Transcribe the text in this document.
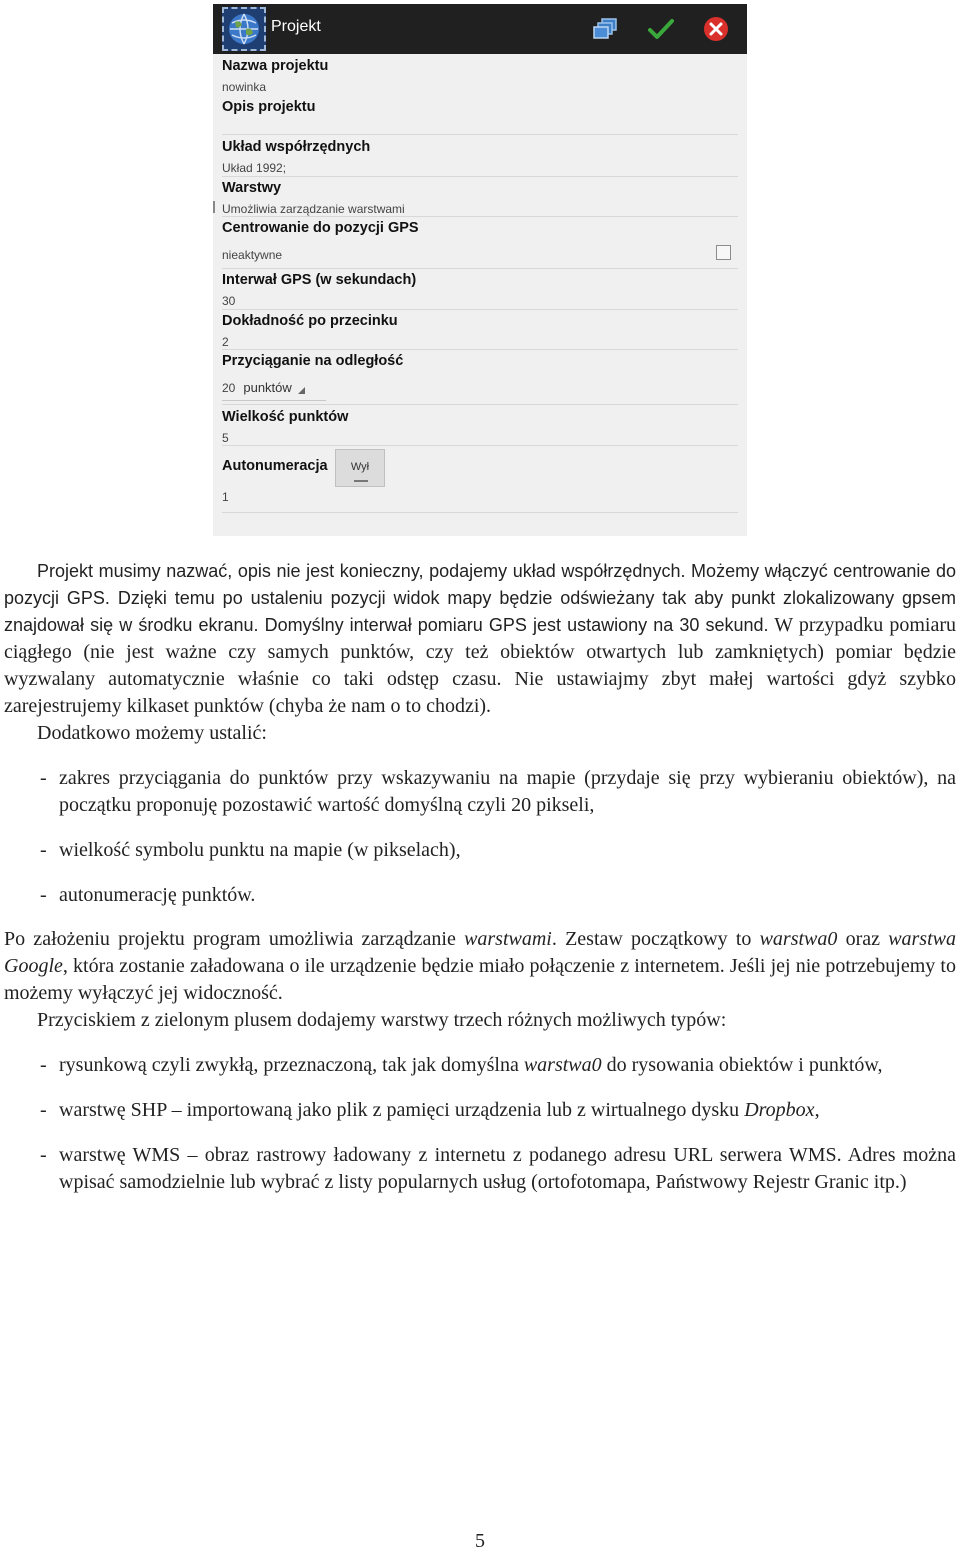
Projekt
Nazwa projektu
nowinka
Opis projektu
Układ współrzędnych
Układ 1992;
Warstwy
Umożliwia zarządzanie warstwami
Centrowanie do pozycji GPS
nieaktywne
Interwał GPS (w sekundach)
30
Dokładność po przecinku
2
Przyciąganie na odległość
20 punktów
Wielkość punktów
5
Autonumeracja
1
Wył

Projekt musimy nazwać, opis nie jest konieczny, podajemy układ współrzędnych. Możemy włączyć centrowanie do pozycji GPS. Dzięki temu po ustaleniu pozycji widok mapy będzie odświeżany tak aby punkt zlokalizowany gpsem znajdował się w środku ekranu. Domyślny interwał pomiaru GPS jest ustawiony na 30 sekund. W przypadku pomiaru ciągłego (nie jest ważne czy samych punktów, czy też obiektów otwartych lub zamkniętych) pomiar będzie wyzwalany automatycznie właśnie co taki odstęp czasu. Nie ustawiajmy zbyt małej wartości gdyż szybko zarejestrujemy kilkaset punktów (chyba że nam o to chodzi).

Dodatkowo możemy ustalić:

- zakres przyciągania do punktów przy wskazywaniu na mapie (przydaje się przy wybieraniu obiektów), na początku proponuję pozostawić wartość domyślną czyli 20 pikseli,
- wielkość symbolu punktu na mapie (w pikselach),
- autonumerację punktów.

Po założeniu projektu program umożliwia zarządzanie warstwami. Zestaw początkowy to warstwa0 oraz warstwa Google, która zostanie załadowana o ile urządzenie będzie miało połączenie z internetem. Jeśli jej nie potrzebujemy to możemy wyłączyć jej widoczność.

Przyciskiem z zielonym plusem dodajemy warstwy trzech różnych możliwych typów:

- rysunkową czyli zwykłą, przeznaczoną, tak jak domyślna warstwa0 do rysowania obiektów i punktów,
- warstwę SHP – importowaną jako plik z pamięci urządzenia lub z wirtualnego dysku Dropbox,
- warstwę WMS – obraz rastrowy ładowany z internetu z podanego adresu URL serwera WMS. Adres można wpisać samodzielnie lub wybrać z listy popularnych usług (ortofotomapa, Państwowy Rejestr Granic itp.)
5
